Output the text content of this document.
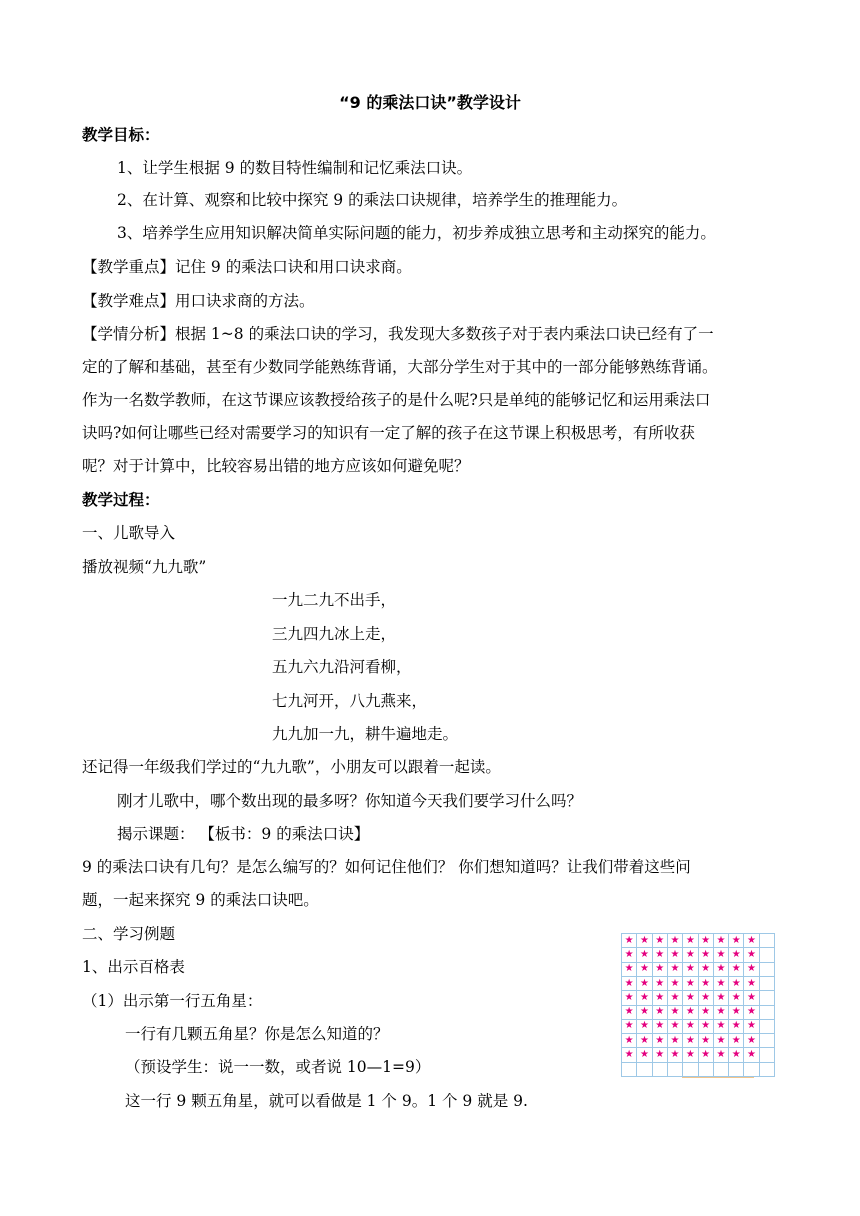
“9 的乘法口诀”教学设计
教学目标：
1、让学生根据 9 的数目特性编制和记忆乘法口诀。
2、在计算、观察和比较中探究 9 的乘法口诀规律，培养学生的推理能力。
3、培养学生应用知识解决简单实际问题的能力，初步养成独立思考和主动探究的能力。
【教学重点】记住 9 的乘法口诀和用口诀求商。
【教学难点】用口诀求商的方法。
【学情分析】根据 1~8 的乘法口诀的学习，我发现大多数孩子对于表内乘法口诀已经有了一
定的了解和基础，甚至有少数同学能熟练背诵，大部分学生对于其中的一部分能够熟练背诵。
作为一名数学教师，在这节课应该教授给孩子的是什么呢?只是单纯的能够记忆和运用乘法口
诀吗?如何让哪些已经对需要学习的知识有一定了解的孩子在这节课上积极思考，有所收获
呢？对于计算中，比较容易出错的地方应该如何避免呢？
教学过程：
一、儿歌导入
播放视频“九九歌”
一九二九不出手，
三九四九冰上走，
五九六九沿河看柳，
七九河开，八九燕来，
九九加一九，耕牛遍地走。
还记得一年级我们学过的“九九歌”，小朋友可以跟着一起读。
刚才儿歌中，哪个数出现的最多呀？你知道今天我们要学习什么吗？
揭示课题： 【板书：9 的乘法口诀】
9 的乘法口诀有几句？是怎么编写的？如何记住他们？ 你们想知道吗？让我们带着这些问
题，一起来探究 9 的乘法口诀吧。
二、学习例题
1、出示百格表
（1）出示第一行五角星：
一行有几颗五角星？你是怎么知道的？
（预设学生：说一一数，或者说 10—1=9）
这一行 9 颗五角星，就可以看做是 1 个 9。1 个 9 就是 9.
★ ★ ★ ★ ★ ★ ★ ★ ★
★ ★ ★ ★ ★ ★ ★ ★ ★
★ ★ ★ ★ ★ ★ ★ ★ ★
★ ★ ★ ★ ★ ★ ★ ★ ★
★ ★ ★ ★ ★ ★ ★ ★ ★
★ ★ ★ ★ ★ ★ ★ ★ ★
★ ★ ★ ★ ★ ★ ★ ★ ★
★ ★ ★ ★ ★ ★ ★ ★ ★
★ ★ ★ ★ ★ ★ ★ ★ ★
